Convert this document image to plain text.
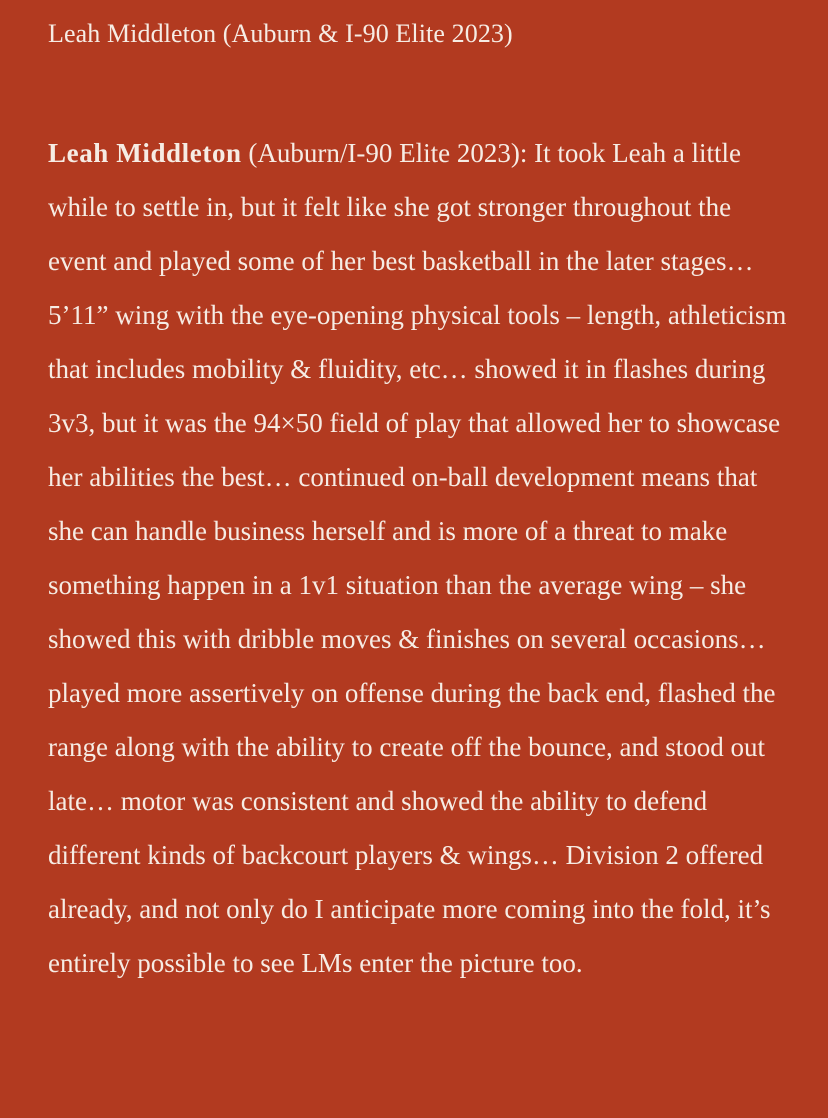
Leah Middleton (Auburn & I-90 Elite 2023)

Leah Middleton (Auburn/I-90 Elite 2023): It took Leah a little while to settle in, but it felt like she got stronger throughout the event and played some of her best basketball in the later stages… 5’11” wing with the eye-opening physical tools – length, athleticism that includes mobility & fluidity, etc… showed it in flashes during 3v3, but it was the 94×50 field of play that allowed her to showcase her abilities the best… continued on-ball development means that she can handle business herself and is more of a threat to make something happen in a 1v1 situation than the average wing – she showed this with dribble moves & finishes on several occasions… played more assertively on offense during the back end, flashed the range along with the ability to create off the bounce, and stood out late… motor was consistent and showed the ability to defend different kinds of backcourt players & wings… Division 2 offered already, and not only do I anticipate more coming into the fold, it’s entirely possible to see LMs enter the picture too.
